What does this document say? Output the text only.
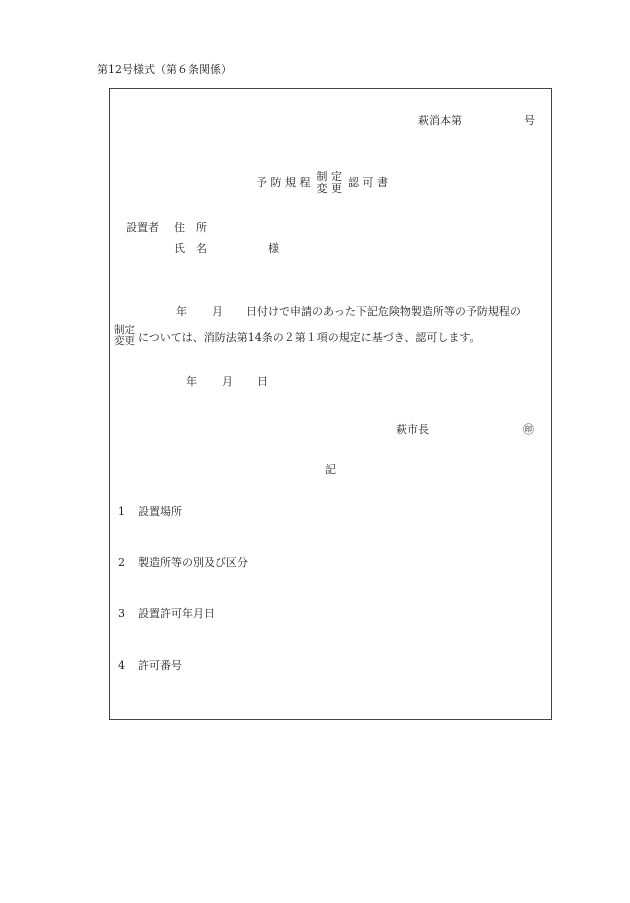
第12号様式（第６条関係）
萩消本第	号
予 防 規 程 制 定
変 更 認 可 書
設置者 住　所
氏　名	様
年 月 日付けで申請のあった下記危険物製造所等の予防規程の
制定
変更 については、消防法第14条の２第１項の規定に基づき、認可します。
年 月 日
萩市長	㊞
記
1 設置場所
2 製造所等の別及び区分
3 設置許可年月日
4 許可番号
